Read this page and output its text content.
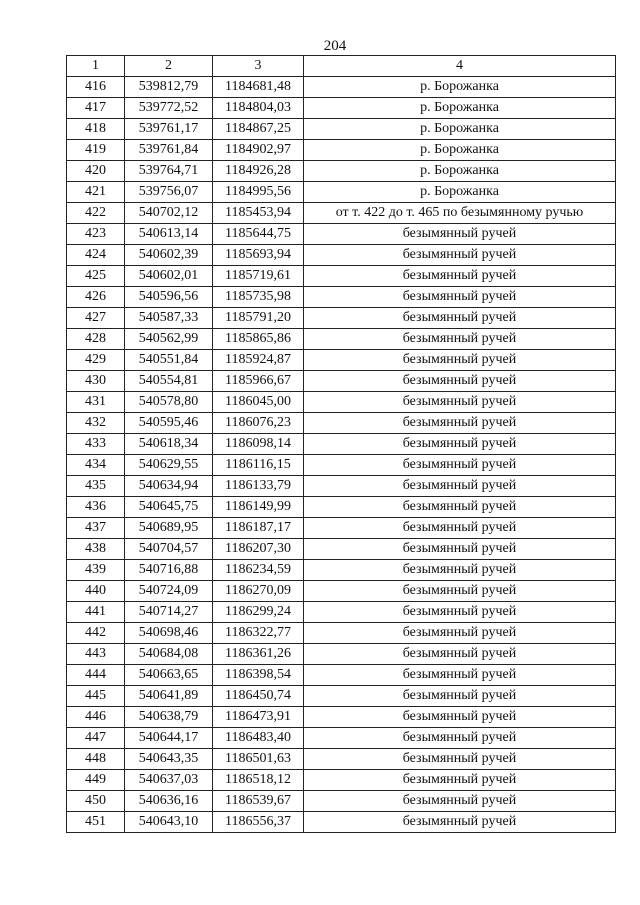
204
1	2	3	4
416	539812,79	1184681,48	р. Борожанка
417	539772,52	1184804,03	р. Борожанка
418	539761,17	1184867,25	р. Борожанка
419	539761,84	1184902,97	р. Борожанка
420	539764,71	1184926,28	р. Борожанка
421	539756,07	1184995,56	р. Борожанка
422	540702,12	1185453,94	от т. 422 до т. 465 по безымянному ручью
423	540613,14	1185644,75	безымянный ручей
424	540602,39	1185693,94	безымянный ручей
425	540602,01	1185719,61	безымянный ручей
426	540596,56	1185735,98	безымянный ручей
427	540587,33	1185791,20	безымянный ручей
428	540562,99	1185865,86	безымянный ручей
429	540551,84	1185924,87	безымянный ручей
430	540554,81	1185966,67	безымянный ручей
431	540578,80	1186045,00	безымянный ручей
432	540595,46	1186076,23	безымянный ручей
433	540618,34	1186098,14	безымянный ручей
434	540629,55	1186116,15	безымянный ручей
435	540634,94	1186133,79	безымянный ручей
436	540645,75	1186149,99	безымянный ручей
437	540689,95	1186187,17	безымянный ручей
438	540704,57	1186207,30	безымянный ручей
439	540716,88	1186234,59	безымянный ручей
440	540724,09	1186270,09	безымянный ручей
441	540714,27	1186299,24	безымянный ручей
442	540698,46	1186322,77	безымянный ручей
443	540684,08	1186361,26	безымянный ручей
444	540663,65	1186398,54	безымянный ручей
445	540641,89	1186450,74	безымянный ручей
446	540638,79	1186473,91	безымянный ручей
447	540644,17	1186483,40	безымянный ручей
448	540643,35	1186501,63	безымянный ручей
449	540637,03	1186518,12	безымянный ручей
450	540636,16	1186539,67	безымянный ручей
451	540643,10	1186556,37	безымянный ручей
